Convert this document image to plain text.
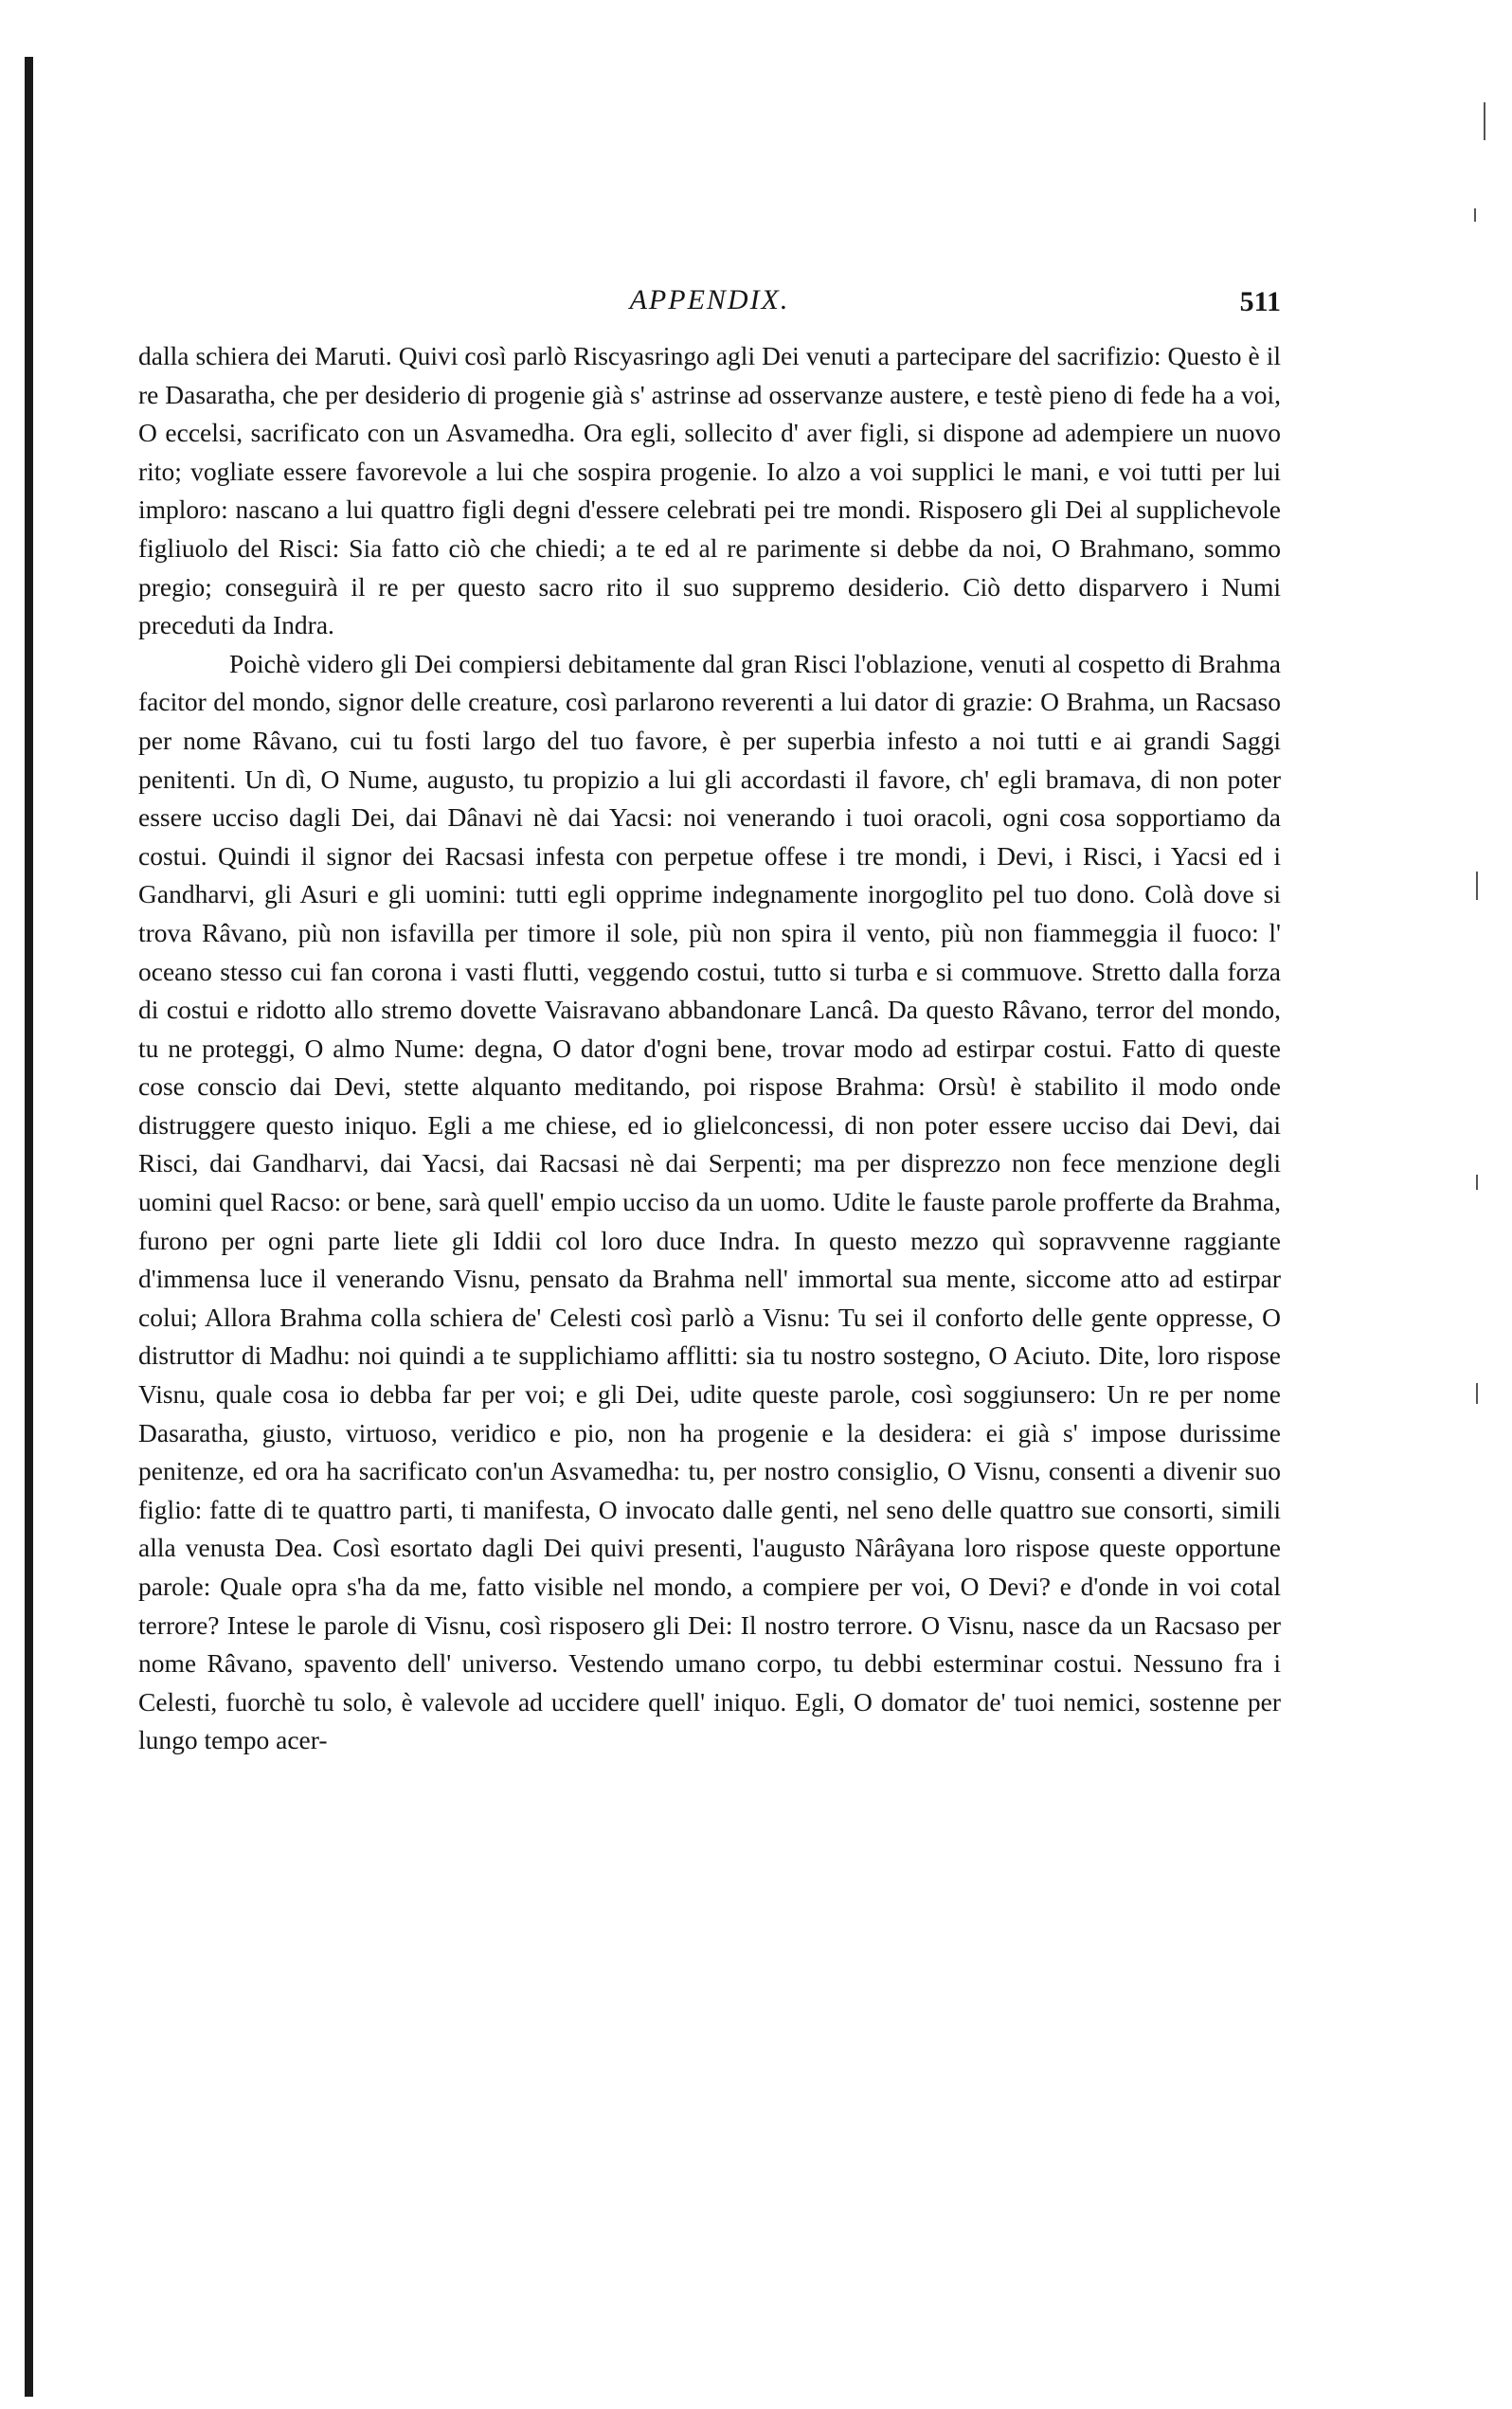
APPENDIX.	511

dalla schiera dei Maruti. Quivi così parlò Riscyasringo agli Dei venuti a partecipare del sacrifizio: Questo è il re Dasaratha, che per desiderio di progenie già s' astrinse ad osservanze austere, e testè pieno di fede ha a voi, O eccelsi, sacrificato con un Asvamedha. Ora egli, sollecito d' aver figli, si dispone ad adempiere un nuovo rito; vogliate essere favorevole a lui che sospira progenie. Io alzo a voi supplici le mani, e voi tutti per lui imploro: nascano a lui quattro figli degni d'essere celebrati pei tre mondi. Risposero gli Dei al supplichevole figliuolo del Risci: Sia fatto ciò che chiedi; a te ed al re parimente si debbe da noi, O Brahmano, sommo pregio; conseguirà il re per questo sacro rito il suo suppremo desiderio. Ciò detto disparvero i Numi preceduti da Indra.

Poichè videro gli Dei compiersi debitamente dal gran Risci l'oblazione, venuti al cospetto di Brahma facitor del mondo, signor delle creature, così parlarono reverenti a lui dator di grazie: O Brahma, un Racsaso per nome Râvano, cui tu fosti largo del tuo favore, è per superbia infesto a noi tutti e ai grandi Saggi penitenti. Un dì, O Nume, augusto, tu propizio a lui gli accordasti il favore, ch' egli bramava, di non poter essere ucciso dagli Dei, dai Dânavi nè dai Yacsi: noi venerando i tuoi oracoli, ogni cosa sopportiamo da costui. Quindi il signor dei Racsasi infesta con perpetue offese i tre mondi, i Devi, i Risci, i Yacsi ed i Gandharvi, gli Asuri e gli uomini: tutti egli opprime indegnamente inorgoglito pel tuo dono. Colà dove si trova Râvano, più non isfavilla per timore il sole, più non spira il vento, più non fiammeggia il fuoco: l' oceano stesso cui fan corona i vasti flutti, veggendo costui, tutto si turba e si commuove. Stretto dalla forza di costui e ridotto allo stremo dovette Vaisravano abbandonare Lancâ. Da questo Râvano, terror del mondo, tu ne proteggi, O almo Nume: degna, O dator d'ogni bene, trovar modo ad estirpar costui. Fatto di queste cose conscio dai Devi, stette alquanto meditando, poi rispose Brahma: Orsù! è stabilito il modo onde distruggere questo iniquo. Egli a me chiese, ed io glielconcessi, di non poter essere ucciso dai Devi, dai Risci, dai Gandharvi, dai Yacsi, dai Racsasi nè dai Serpenti; ma per disprezzo non fece menzione degli uomini quel Racso: or bene, sarà quell' empio ucciso da un uomo. Udite le fauste parole profferte da Brahma, furono per ogni parte liete gli Iddii col loro duce Indra. In questo mezzo quì sopravvenne raggiante d'immensa luce il venerando Visnu, pensato da Brahma nell' immortal sua mente, siccome atto ad estirpar colui; Allora Brahma colla schiera de' Celesti così parlò a Visnu: Tu sei il conforto delle gente oppresse, O distruttor di Madhu: noi quindi a te supplichiamo afflitti: sia tu nostro sostegno, O Aciuto. Dite, loro rispose Visnu, quale cosa io debba far per voi; e gli Dei, udite queste parole, così soggiunsero: Un re per nome Dasaratha, giusto, virtuoso, veridico e pio, non ha progenie e la desidera: ei già s' impose durissime penitenze, ed ora ha sacrificato con'un Asvamedha: tu, per nostro consiglio, O Visnu, consenti a divenir suo figlio: fatte di te quattro parti, ti manifesta, O invocato dalle genti, nel seno delle quattro sue consorti, simili alla venusta Dea. Così esortato dagli Dei quivi presenti, l'augusto Nârâyana loro rispose queste opportune parole: Quale opra s'ha da me, fatto visible nel mondo, a compiere per voi, O Devi? e d'onde in voi cotal terrore? Intese le parole di Visnu, così risposero gli Dei: Il nostro terrore. O Visnu, nasce da un Racsaso per nome Râvano, spavento dell' universo. Vestendo umano corpo, tu debbi esterminar costui. Nessuno fra i Celesti, fuorchè tu solo, è valevole ad uccidere quell' iniquo. Egli, O domator de' tuoi nemici, sostenne per lungo tempo acer-
